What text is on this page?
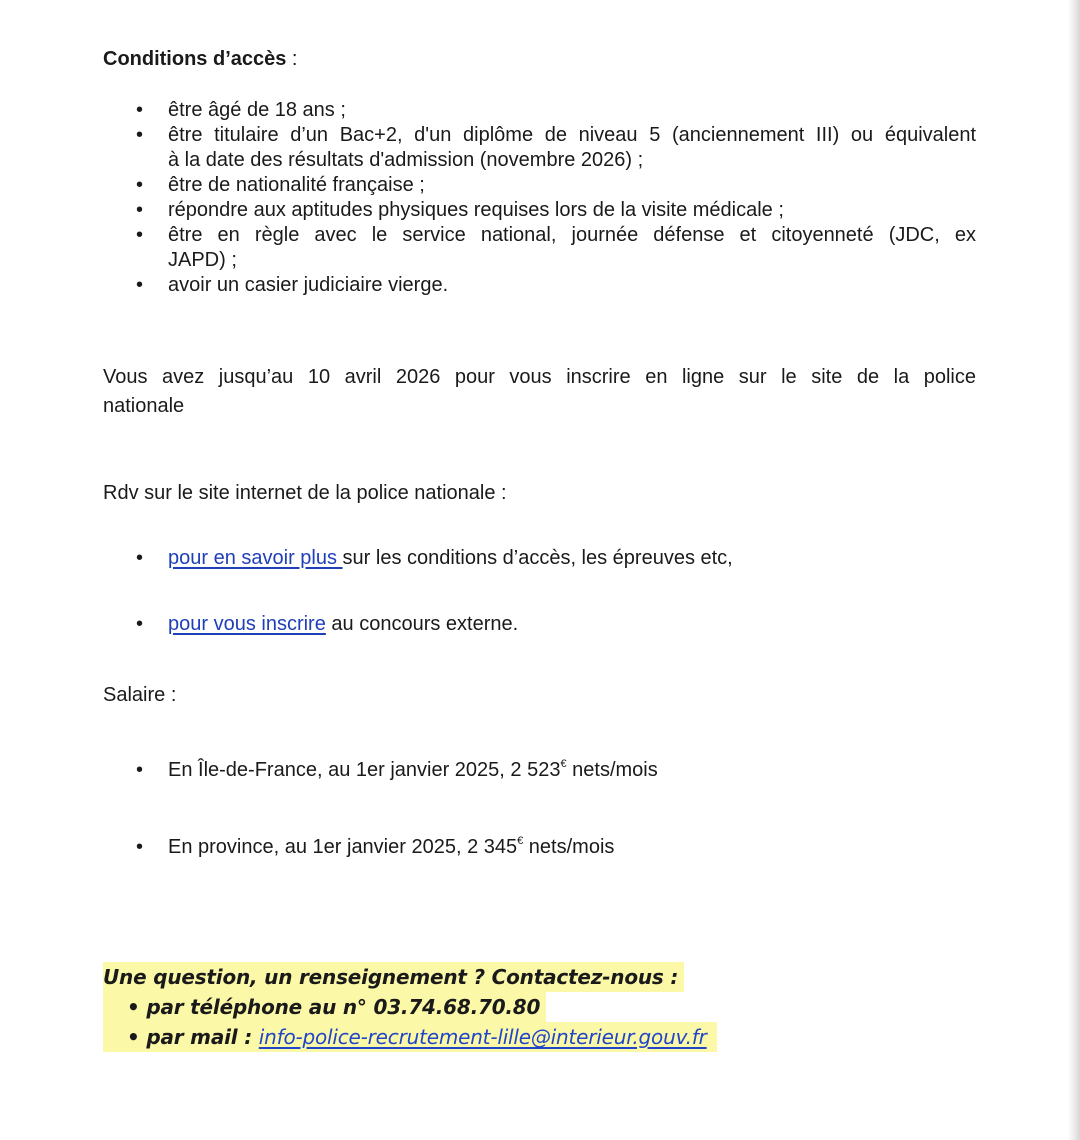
Conditions d’accès :
• être âgé de 18 ans ;
• être titulaire d’un Bac+2, d'un diplôme de niveau 5 (anciennement III) ou équivalent
à la date des résultats d'admission (novembre 2026) ;
• être de nationalité française ;
• répondre aux aptitudes physiques requises lors de la visite médicale ;
• être en règle avec le service national, journée défense et citoyenneté (JDC, ex
JAPD) ;
• avoir un casier judiciaire vierge.
Vous avez jusqu’au 10 avril 2026 pour vous inscrire en ligne sur le site de la police
nationale
Rdv sur le site internet de la police nationale :
• pour en savoir plus sur les conditions d’accès, les épreuves etc,
• pour vous inscrire au concours externe.
Salaire :
• En Île-de-France, au 1er janvier 2025, 2 523€ nets/mois
• En province, au 1er janvier 2025, 2 345€ nets/mois
Une question, un renseignement ? Contactez-nous :
• par téléphone au n° 03.74.68.70.80
• par mail : info-police-recrutement-lille@interieur.gouv.fr
